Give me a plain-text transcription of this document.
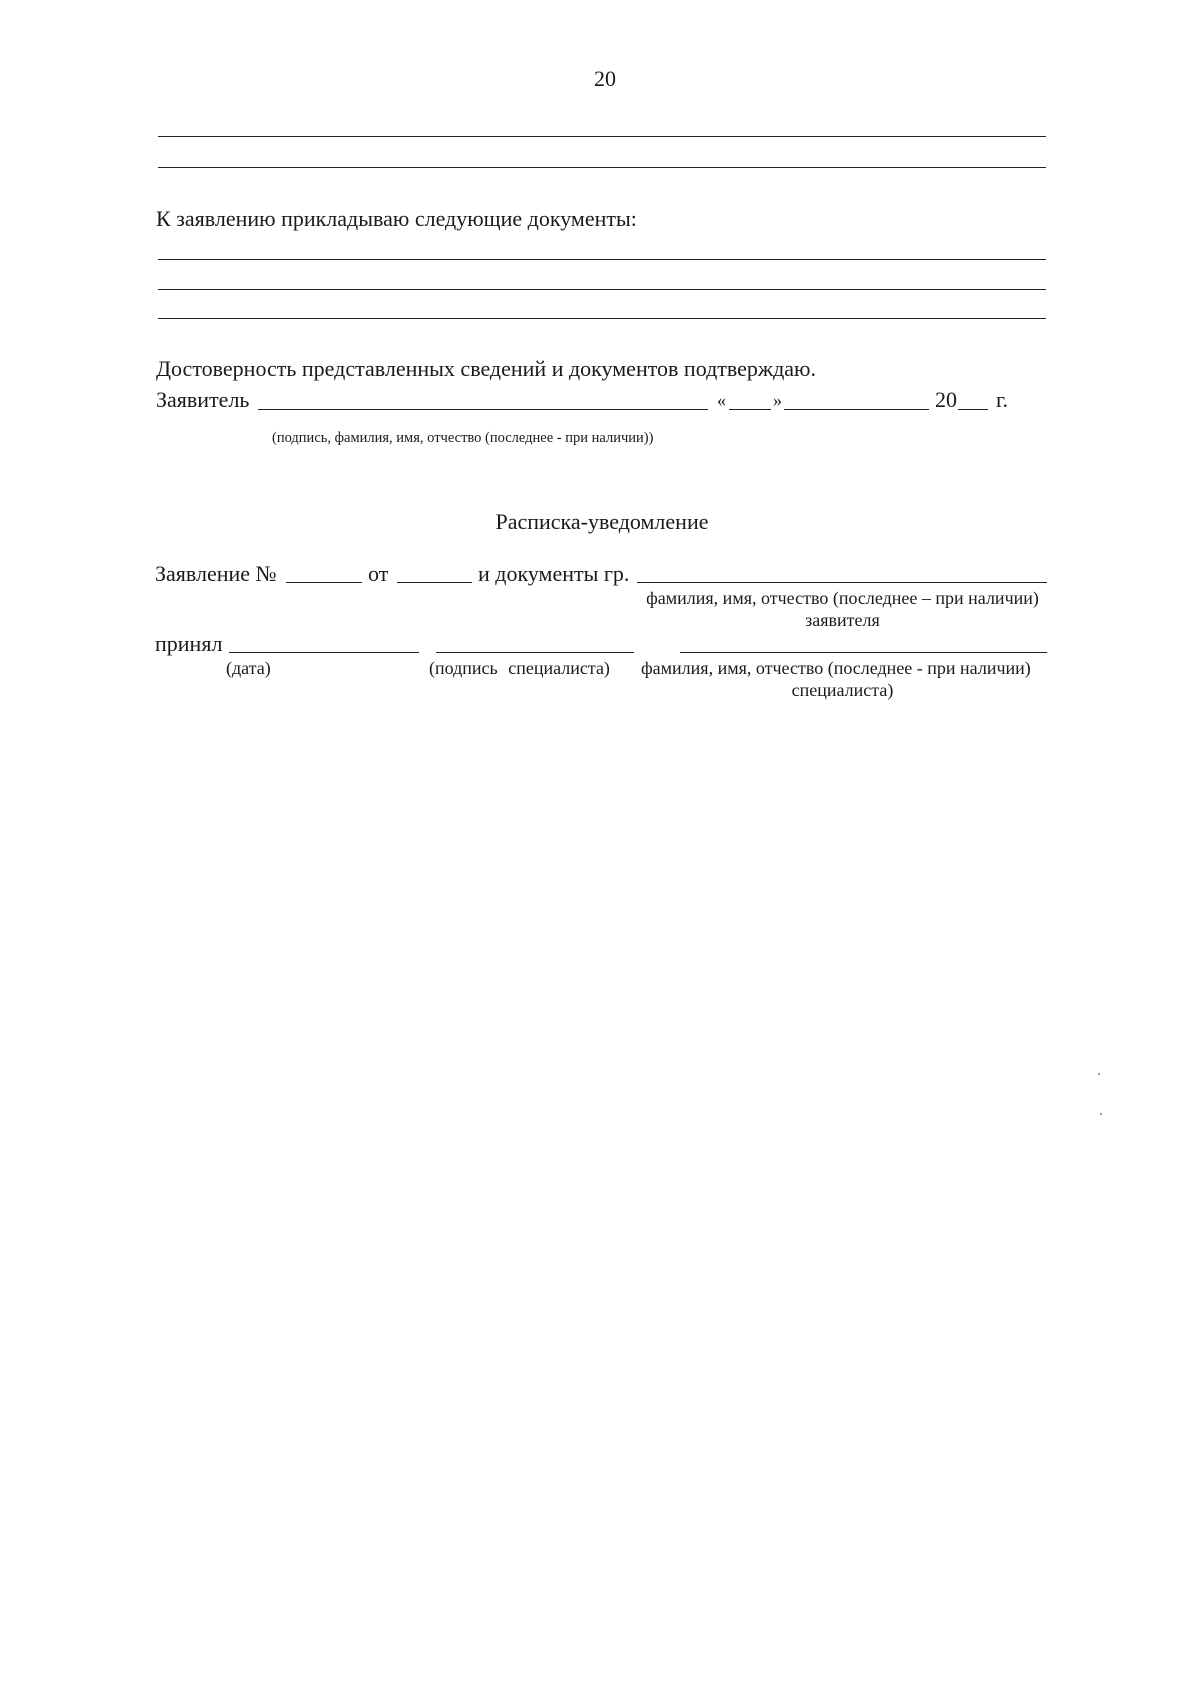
20
К заявлению прикладываю следующие документы:
Достоверность представленных сведений и документов подтверждаю.
Заявитель	«	»	20 г.
(подпись, фамилия, имя, отчество (последнее - при наличии))
Расписка-уведомление
Заявление №	от	и документы гр.
фамилия, имя, отчество (последнее – при наличии)
заявителя
принял
(дата)	(подпись специалиста) фамилия, имя, отчество (последнее - при наличии)
специалиста)
